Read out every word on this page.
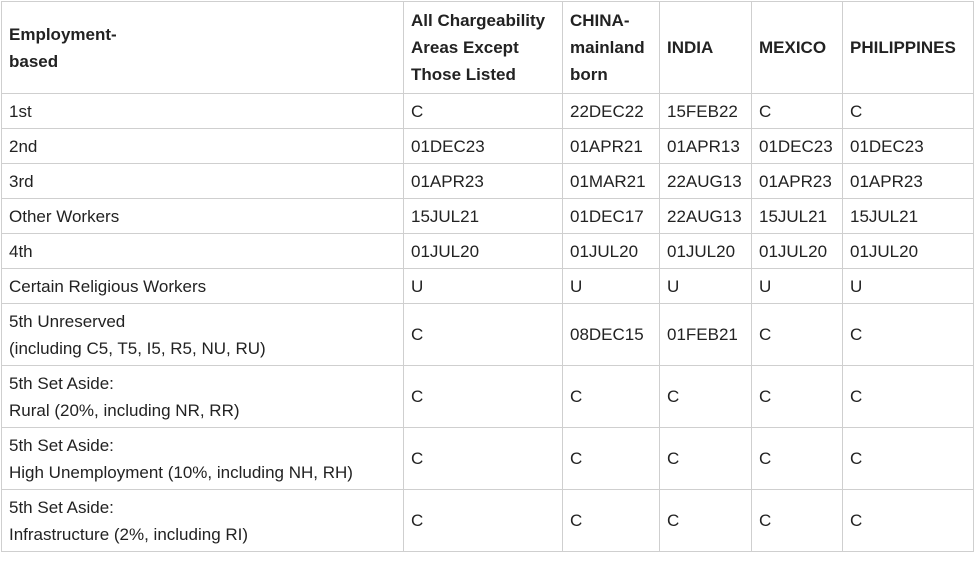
Employment-
based	All Chargeability
Areas Except
Those Listed	CHINA-
mainland
born	INDIA	MEXICO	PHILIPPINES

1st	C	22DEC22	15FEB22	C	C

2nd	01DEC23	01APR21	01APR13	01DEC23	01DEC23

3rd	01APR23	01MAR21	22AUG13	01APR23	01APR23

Other Workers	15JUL21	01DEC17	22AUG13	15JUL21	15JUL21

4th	01JUL20	01JUL20	01JUL20	01JUL20	01JUL20

Certain Religious Workers	U	U	U	U	U

5th Unreserved
(including C5, T5, I5, R5, NU, RU)	C	08DEC15	01FEB21	C	C

5th Set Aside:
Rural (20%, including NR, RR)	C	C	C	C	C

5th Set Aside:
High Unemployment (10%, including NH, RH)	C	C	C	C	C

5th Set Aside:
Infrastructure (2%, including RI)	C	C	C	C	C
